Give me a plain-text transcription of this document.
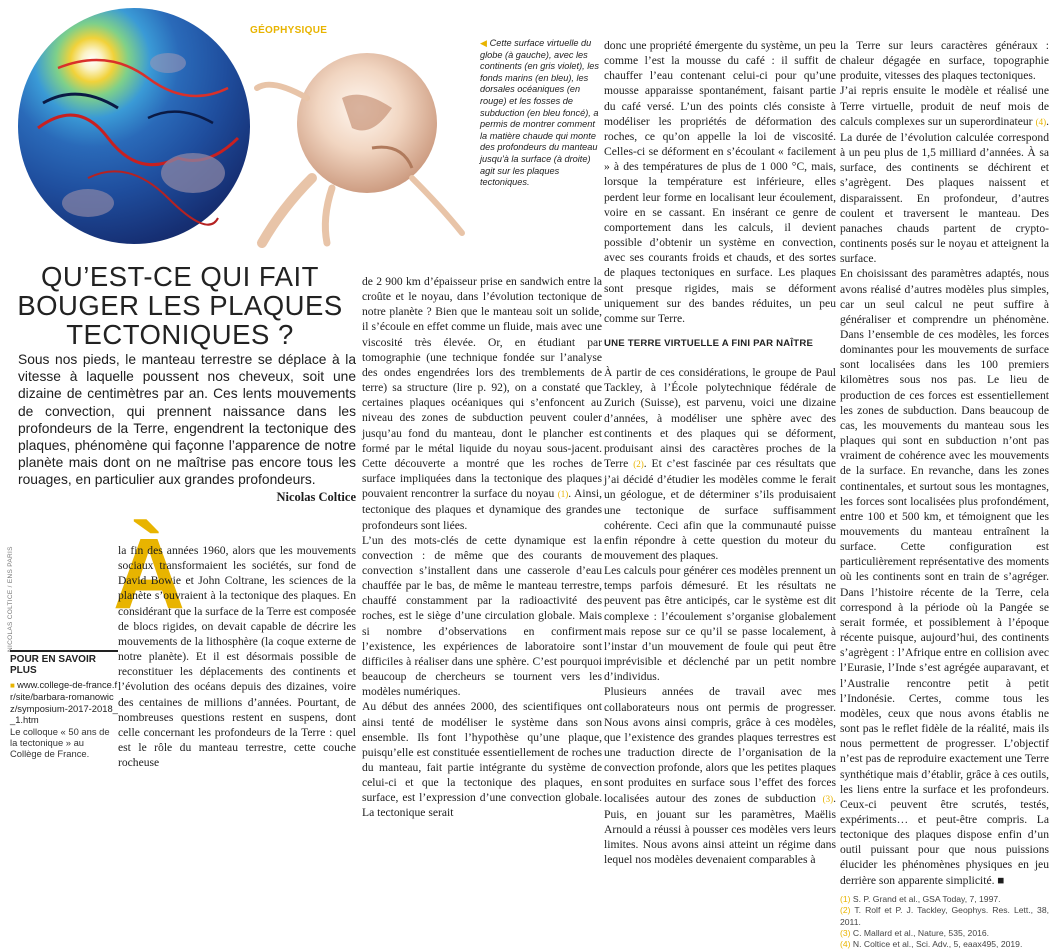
GÉOPHYSIQUE
◀ Cette surface virtuelle du globe (à gauche), avec les continents (en gris violet), les fonds marins (en bleu), les dorsales océaniques (en rouge) et les fosses de subduction (en bleu foncé), a permis de montrer comment la matière chaude qui monte des profondeurs du manteau jusqu'à la surface (à droite) agit sur les plaques tectoniques.
QU’EST-CE QUI FAIT
BOUGER LES PLAQUES
TECTONIQUES ?
Sous nos pieds, le manteau terrestre se déplace à la vitesse à laquelle poussent nos cheveux, soit une dizaine de centimètres par an. Ces lents mouvements de convection, qui prennent naissance dans les profondeurs de la Terre, engendrent la tectonique des plaques, phénomène qui façonne l’apparence de notre planète mais dont on ne maîtrise pas encore tous les rouages, en particulier aux grandes profondeurs.
Nicolas Coltice
NICOLAS COLTICE / ENS PARIS À
POUR EN SAVOIR PLUS
■ www.college-de-france.fr/site/barbara-romanowicz/symposium-2017-2018__1.htm
Le colloque « 50 ans de la tectonique » au Collège de France.

la fin des années 1960, alors que les mouvements sociaux transformaient les sociétés, sur fond de David Bowie et John Coltrane, les sciences de la planète s’ouvraient à la tectonique des plaques. En considérant que la surface de la Terre est composée de blocs rigides, on devait capable de décrire les mouvements de la lithosphère (la coque externe de notre planète). Et il est désormais possible de reconstituer les déplacements des continents et l’évolution des océans depuis des dizaines, voire des centaines de millions d’années. Pourtant, de nombreuses questions restent en suspens, dont celle concernant les profondeurs de la Terre : quel est le rôle du manteau terrestre, cette couche rocheuse

de 2 900 km d’épaisseur prise en sandwich entre la croûte et le noyau, dans l’évolution tectonique de notre planète ? Bien que le manteau soit un solide, il s’écoule en effet comme un fluide, mais avec une viscosité très élevée. Or, en étudiant par tomographie (une technique fondée sur l’analyse des ondes engendrées lors des tremblements de terre) sa structure (lire p. 92), on a constaté que certaines plaques océaniques qui s’enfoncent au niveau des zones de subduction peuvent couler jusqu’au fond du manteau, dont le plancher est formé par le métal liquide du noyau sous-jacent. Cette découverte a montré que les roches de surface impliquées dans la tectonique des plaques pouvaient rencontrer la surface du noyau (1). Ainsi, tectonique des plaques et dynamique des grandes profondeurs sont liées.

L’un des mots-clés de cette dynamique est la convection : de même que des courants de convection s’installent dans une casserole d’eau chauffée par le bas, de même le manteau terrestre, chauffé constamment par la radioactivité des roches, est le siège d’une circulation globale. Mais si nombre d’observations en confirment l’existence, les expériences de laboratoire sont difficiles à réaliser dans une sphère. C’est pourquoi beaucoup de chercheurs se tournent vers les modèles numériques.

Au début des années 2000, des scientifiques ont ainsi tenté de modéliser le système dans son ensemble. Ils font l’hypothèse qu’une plaque, puisqu’elle est constituée essentiellement de roches du manteau, fait partie intégrante du système de celui-ci et que la tectonique des plaques, en surface, est l’expression d’une convection globale. La tectonique serait

donc une propriété émergente du système, un peu comme l’est la mousse du café : il suffit de chauffer l’eau contenant celui-ci pour qu’une mousse apparaisse spontanément, faisant partie du café versé. L’un des points clés consiste à modéliser les propriétés de déformation des roches, ce qu’on appelle la loi de viscosité. Celles-ci se déforment en s’écoulant « facilement » à des températures de plus de 1 000 °C, mais, lorsque la température est inférieure, elles perdent leur forme en localisant leur écoulement, voire en se cassant. En insérant ce genre de comportement dans les calculs, il devient possible d’obtenir un système en convection, avec ses courants froids et chauds, et des sortes de plaques tectoniques en surface. Les plaques sont presque rigides, mais se déforment uniquement sur des bandes réduites, un peu comme sur Terre.

UNE TERRE VIRTUELLE A FINI PAR NAÎTRE

À partir de ces considérations, le groupe de Paul Tackley, à l’École polytechnique fédérale de Zurich (Suisse), est parvenu, voici une dizaine d’années, à modéliser une sphère avec des continents et des plaques qui se déforment, produisant ainsi des caractères proches de la Terre (2). Et c’est fascinée par ces résultats que j’ai décidé d’étudier les modèles comme le ferait un géologue, et de déterminer s’ils produisaient une tectonique de surface suffisamment cohérente. Ceci afin que la communauté puisse enfin répondre à cette question du moteur du mouvement des plaques.

Les calculs pour générer ces modèles prennent un temps parfois démesuré. Et les résultats ne peuvent pas être anticipés, car le système est dit complexe : l’écoulement s’organise globalement mais repose sur ce qu’il se passe localement, à l’instar d’un mouvement de foule qui peut être imprévisible et déclenché par un petit nombre d’individus.

Plusieurs années de travail avec mes collaborateurs nous ont permis de progresser. Nous avons ainsi compris, grâce à ces modèles, que l’existence des grandes plaques terrestres est une traduction directe de l’organisation de la convection profonde, alors que les petites plaques sont produites en surface sous l’effet des forces localisées autour des zones de subduction (3). Puis, en jouant sur les paramètres, Maëlis Arnould a réussi à pousser ces modèles vers leurs limites. Nous avons ainsi atteint un régime dans lequel nos modèles devenaient comparables à

la Terre sur leurs caractères généraux : chaleur dégagée en surface, topographie produite, vitesses des plaques tectoniques.

J’ai repris ensuite le modèle et réalisé une Terre virtuelle, produit de neuf mois de calculs complexes sur un superordinateur (4). La durée de l’évolution calculée correspond à un peu plus de 1,5 milliard d’années. À sa surface, des continents se déchirent et s’agrègent. Des plaques naissent et disparaissent. En profondeur, d’autres coulent et traversent le manteau. Des panaches chauds partent de crypto-continents posés sur le noyau et atteignent la surface.

En choisissant des paramètres adaptés, nous avons réalisé d’autres modèles plus simples, car un seul calcul ne peut suffire à généraliser et comprendre un phénomène. Dans l’ensemble de ces modèles, les forces dominantes pour les mouvements de surface sont localisées dans les 100 premiers kilomètres sous nos pas. Le lieu de production de ces forces est essentiellement les zones de subduction. Dans beaucoup de cas, les mouvements du manteau sous les plaques qui sont en subduction n’ont pas vraiment de cohérence avec les mouvements de la surface. En revanche, dans les zones continentales, et surtout sous les montagnes, les forces sont localisées plus profondément, entre 100 et 500 km, et témoignent que les mouvements du manteau entraînent la surface. Cette configuration est particulièrement représentative des moments où les continents sont en train de s’agréger. Dans l’histoire récente de la Terre, cela correspond à la période où la Pangée se serait formée, et possiblement à l’époque récente puisque, aujourd’hui, des continents s’agrègent : l’Afrique entre en collision avec l’Eurasie, l’Inde s’est agrégée auparavant, et l’Australie rencontre petit à petit l’Indonésie. Certes, comme tous les modèles, ceux que nous avons établis ne sont pas le reflet fidèle de la réalité, mais ils nous permettent de progresser. L’objectif n’est pas de reproduire exactement une Terre synthétique mais d’établir, grâce à ces outils, les liens entre la surface et les profondeurs. Ceux-ci peuvent être scrutés, testés, expériments… et peut-être compris. La tectonique des plaques dispose enfin d’un outil puissant pour que nous puissions élucider les phénomènes physiques en jeu derrière son apparente simplicité. ■

(1) S. P. Grand et al., GSA Today, 7, 1997.
(2) T. Rolf et P. J. Tackley, Geophys. Res. Lett., 38, 2011.
(3) C. Mallard et al., Nature, 535, 2016.
(4) N. Coltice et al., Sci. Adv., 5, eaax495, 2019.
